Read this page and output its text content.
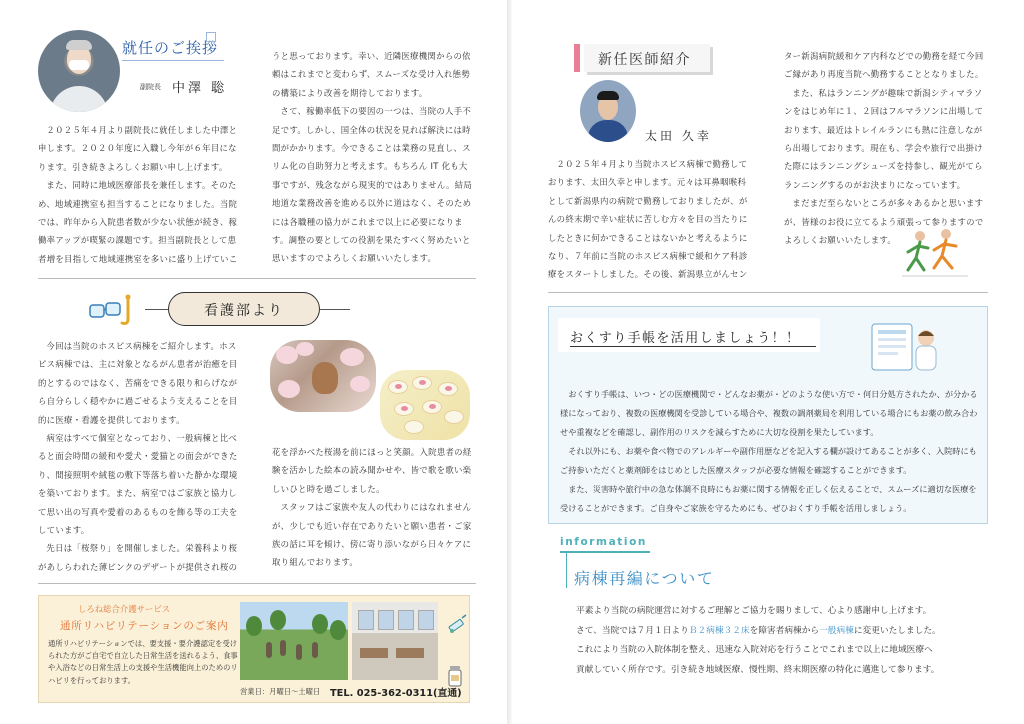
就任のご挨拶
副院長 中澤 聡

２０２５年４月より副院長に就任しました中澤と申します。２０２０年度に入職し今年が６年目になります。引き続きよろしくお願い申し上げます。

また、同時に地域医療部長を兼任します。そのため、地域連携室も担当することになりました。当院では、昨年から入院患者数が少ない状態が続き、稼働率アップが喫緊の課題です。担当副院長として患者増を目指して地域連携室を多いに盛り上げていこ

うと思っております。幸い、近隣医療機関からの依頼はこれまでと変わらず、スムーズな受け入れ態勢の構築により改善を期待しております。

さて、稼働率低下の要因の一つは、当院の人手不足です。しかし、国全体の状況を見れば解決には時間がかかります。今できることは業務の見直し、スリム化の自助努力と考えます。もちろん IT 化も大事ですが、残念ながら現実的ではありません。結局地道な業務改善を進める以外に道はなく、そのためには各職種の協力がこれまで以上に必要になります。調整の要としての役割を果たすべく努めたいと思いますのでよろしくお願いいたします。

看護部より

今回は当院のホスピス病棟をご紹介します。ホスピス病棟では、主に対象となるがん患者が治癒を目的とするのではなく、苦痛をできる限り和らげながら自分らしく穏やかに過ごせるよう支えることを目的に医療・看護を提供しております。

病室はすべて個室となっており、一般病棟と比べると面会時間の緩和や愛犬・愛猫との面会ができたり、間接照明や絨毯の敷下等落ち着いた静かな環境を築いております。また、病室ではご家族と協力して思い出の写真や愛着のあるものを飾る等の工夫をしています。

先日は「桜祭り」を開催しました。栄養科より桜があしらわれた薄ピンクのデザートが提供され桜の

花を浮かべた桜湯を前にほっと笑顔。入院患者の経験を活かした絵本の読み聞かせや、皆で歌を歌い楽しいひと時を過ごしました。

スタッフはご家族や友人の代わりにはなれませんが、少しでも近い存在でありたいと願い患者・ご家族の話に耳を傾け、傍に寄り添いながら日々ケアに取り組んでおります。

しろね総合介護サービス
通所リハビリテーションのご案内
通所リハビリテーションでは、要支援・要介護認定を受けられた方がご自宅で自立した日常生活を送れるよう、食事や入浴などの日常生活上の支援や生活機能向上のためのリハビリを行っております。
営業日：月曜日～土曜日 TEL. 025-362-0311(直通)
新任医師紹介
太田 久幸

２０２５年４月より当院ホスピス病棟で勤務しております、太田久幸と申します。元々は耳鼻咽喉科として新潟県内の病院で勤務しておりましたが、がんの終末期で辛い症状に苦しむ方々を目の当たりにしたときに何かできることはないかと考えるようになり、７年前に当院のホスピス病棟で緩和ケア科診療をスタートしました。その後、新潟県立がんセン

ター新潟病院緩和ケア内科などでの勤務を経て今回ご縁があり再度当院へ勤務することとなりました。

また、私はランニングが趣味で新潟シティマラソンをはじめ年に１、２回はフルマラソンに出場しております、最近はトレイルランにも熱に注意しながら出場しております。現在も、学会や旅行で出掛けた際にはランニングシューズを持参し、観光がてらランニングするのがお決まりになっています。

まだまだ至らないところが多々あるかと思いますが、皆様のお役に立てるよう頑張って参りますのでよろしくお願いいたします。

おくすり手帳を活用しましょう！！

おくすり手帳は、いつ・どの医療機関で・どんなお薬が・どのような使い方で・何日分処方されたか、が分かる様になっており、複数の医療機関を受診している場合や、複数の調剤薬局を利用している場合にもお薬の飲み合わせや重複などを確認し、副作用のリスクを減らすために大切な役割を果たしています。

それ以外にも、お薬や食べ物でのアレルギーや副作用歴などを記入する欄が設けてあることが多く、入院時にもご持参いただくと薬剤師をはじめとした医療スタッフが必要な情報を確認することができます。

また、災害時や旅行中の急な体調不良時にもお薬に関する情報を正しく伝えることで、スムーズに適切な医療を受けることができます。ご自身やご家族を守るためにも、ぜひおくすり手帳を活用しましょう。

information
病棟再編について
平素より当院の病院運営に対するご理解とご協力を賜りまして、心より感謝申し上げます。
さて、当院では７月１日よりＢ２病棟３２床を障害者病棟から一般病棟に変更いたしました。
これにより当院の入院体制を整え、迅速な入院対応を行うことでこれまで以上に地域医療へ
貢献していく所存です。引き続き地域医療、慢性期、終末期医療の特化に邁進して参ります。
